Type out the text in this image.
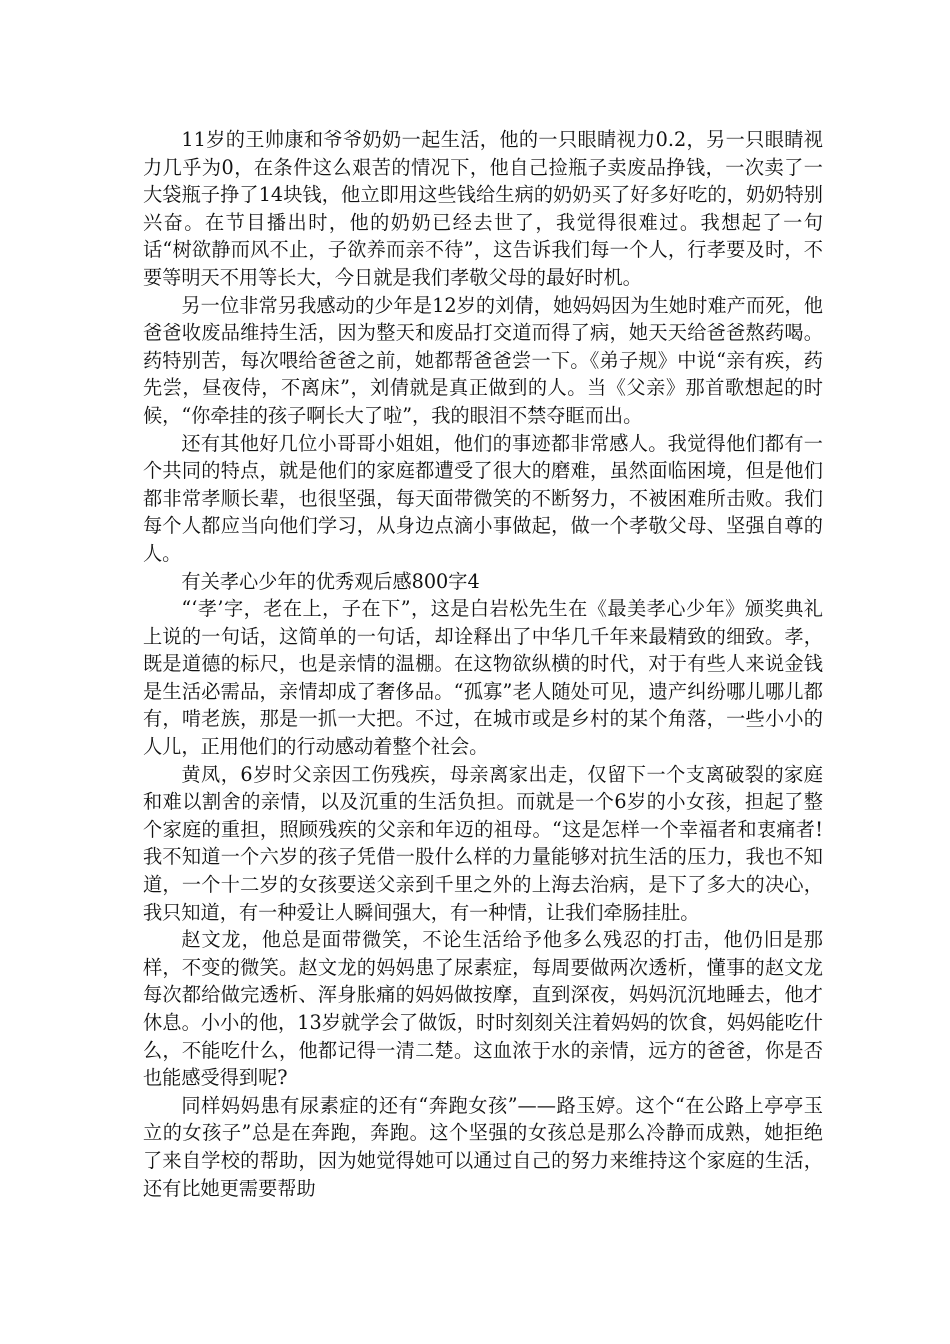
11岁的王帅康和爷爷奶奶一起生活，他的一只眼睛视力0.2，另一只眼睛视力几乎为0，在条件这么艰苦的情况下，他自己捡瓶子卖废品挣钱，一次卖了一大袋瓶子挣了14块钱，他立即用这些钱给生病的奶奶买了好多好吃的，奶奶特别兴奋。在节目播出时，他的奶奶已经去世了，我觉得很难过。我想起了一句话“树欲静而风不止，子欲养而亲不待”，这告诉我们每一个人，行孝要及时，不要等明天不用等长大，今日就是我们孝敬父母的最好时机。

另一位非常另我感动的少年是12岁的刘倩，她妈妈因为生她时难产而死，他爸爸收废品维持生活，因为整天和废品打交道而得了病，她天天给爸爸熬药喝。药特别苦，每次喂给爸爸之前，她都帮爸爸尝一下。《弟子规》中说“亲有疾，药先尝，昼夜侍，不离床”，刘倩就是真正做到的人。当《父亲》那首歌想起的时候，“你牵挂的孩子啊长大了啦”，我的眼泪不禁夺眶而出。

还有其他好几位小哥哥小姐姐，他们的事迹都非常感人。我觉得他们都有一个共同的特点，就是他们的家庭都遭受了很大的磨难，虽然面临困境，但是他们都非常孝顺长辈，也很坚强，每天面带微笑的不断努力，不被困难所击败。我们每个人都应当向他们学习，从身边点滴小事做起，做一个孝敬父母、坚强自尊的人。

有关孝心少年的优秀观后感800字4

“‘孝’字，老在上，子在下”，这是白岩松先生在《最美孝心少年》颁奖典礼上说的一句话，这简单的一句话，却诠释出了中华几千年来最精致的细致。孝，既是道德的标尺，也是亲情的温棚。在这物欲纵横的时代，对于有些人来说金钱是生活必需品，亲情却成了奢侈品。“孤寡”老人随处可见，遗产纠纷哪儿哪儿都有，啃老族，那是一抓一大把。不过，在城市或是乡村的某个角落，一些小小的人儿，正用他们的行动感动着整个社会。

黄凤，6岁时父亲因工伤残疾，母亲离家出走，仅留下一个支离破裂的家庭和难以割舍的亲情，以及沉重的生活负担。而就是一个6岁的小女孩，担起了整个家庭的重担，照顾残疾的父亲和年迈的祖母。“这是怎样一个幸福者和衷痛者!我不知道一个六岁的孩子凭借一股什么样的力量能够对抗生活的压力，我也不知道，一个十二岁的女孩要送父亲到千里之外的上海去治病，是下了多大的决心，我只知道，有一种爱让人瞬间强大，有一种情，让我们牵肠挂肚。

赵文龙，他总是面带微笑，不论生活给予他多么残忍的打击，他仍旧是那样，不变的微笑。赵文龙的妈妈患了尿素症，每周要做两次透析，懂事的赵文龙每次都给做完透析、浑身胀痛的妈妈做按摩，直到深夜，妈妈沉沉地睡去，他才休息。小小的他，13岁就学会了做饭，时时刻刻关注着妈妈的饮食，妈妈能吃什么，不能吃什么，他都记得一清二楚。这血浓于水的亲情，远方的爸爸，你是否也能感受得到呢?

同样妈妈患有尿素症的还有“奔跑女孩”——路玉婷。这个“在公路上亭亭玉立的女孩子”总是在奔跑，奔跑。这个坚强的女孩总是那么冷静而成熟，她拒绝了来自学校的帮助，因为她觉得她可以通过自己的努力来维持这个家庭的生活，还有比她更需要帮助
